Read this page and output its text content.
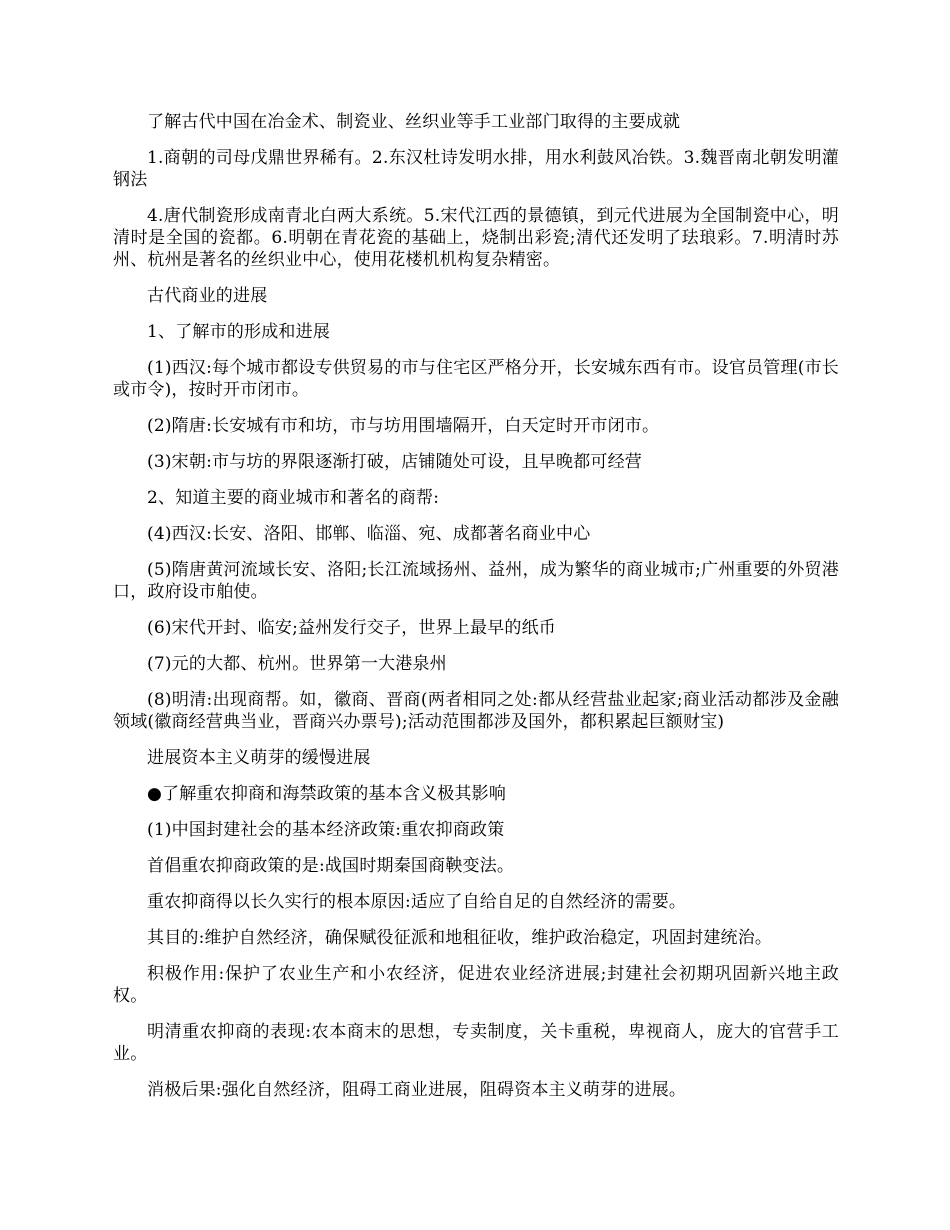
了解古代中国在冶金术、制瓷业、丝织业等手工业部门取得的主要成就

1.商朝的司母戊鼎世界稀有。2.东汉杜诗发明水排，用水利鼓风冶铁。3.魏晋南北朝发明灌钢法

4.唐代制瓷形成南青北白两大系统。5.宋代江西的景德镇，到元代进展为全国制瓷中心，明清时是全国的瓷都。6.明朝在青花瓷的基础上，烧制出彩瓷;清代还发明了珐琅彩。7.明清时苏州、杭州是著名的丝织业中心，使用花楼机机构复杂精密。

古代商业的进展

1、了解市的形成和进展

(1)西汉:每个城市都设专供贸易的市与住宅区严格分开，长安城东西有市。设官员管理(市长或市令)，按时开市闭市。

(2)隋唐:长安城有市和坊，市与坊用围墙隔开，白天定时开市闭市。

(3)宋朝:市与坊的界限逐渐打破，店铺随处可设，且早晚都可经营

2、知道主要的商业城市和著名的商帮:

(4)西汉:长安、洛阳、邯郸、临淄、宛、成都著名商业中心

(5)隋唐黄河流域长安、洛阳;长江流域扬州、益州，成为繁华的商业城市;广州重要的外贸港口，政府设市舶使。

(6)宋代开封、临安;益州发行交子，世界上最早的纸币

(7)元的大都、杭州。世界第一大港泉州

(8)明清:出现商帮。如，徽商、晋商(两者相同之处:都从经营盐业起家;商业活动都涉及金融领域(徽商经营典当业，晋商兴办票号);活动范围都涉及国外，都积累起巨额财宝)

进展资本主义萌芽的缓慢进展

●了解重农抑商和海禁政策的基本含义极其影响

(1)中国封建社会的基本经济政策:重农抑商政策

首倡重农抑商政策的是:战国时期秦国商鞅变法。

重农抑商得以长久实行的根本原因:适应了自给自足的自然经济的需要。

其目的:维护自然经济，确保赋役征派和地租征收，维护政治稳定，巩固封建统治。

积极作用:保护了农业生产和小农经济，促进农业经济进展;封建社会初期巩固新兴地主政权。

明清重农抑商的表现:农本商末的思想，专卖制度，关卡重税，卑视商人，庞大的官营手工业。

消极后果:强化自然经济，阻碍工商业进展，阻碍资本主义萌芽的进展。
